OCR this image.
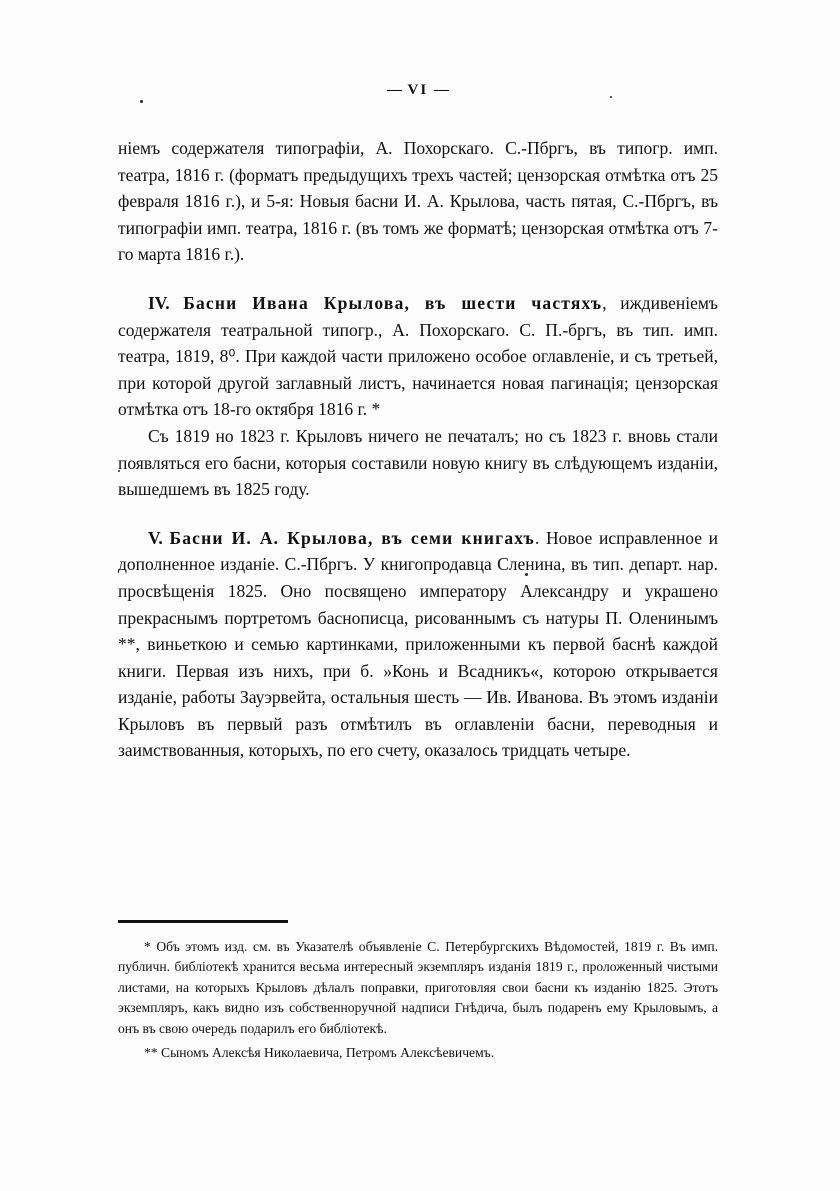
— VI —

ніемъ содержателя типографіи, А. Похорскаго. С.-Пбргъ, въ типогр. имп. театра, 1816 г. (форматъ предыдущихъ трехъ частей; цензорская отмѣтка отъ 25 февраля 1816 г.), и 5-я: Новыя басни И. А. Крылова, часть пятая, С.-Пбргъ, въ типографіи имп. театра, 1816 г. (въ томъ же форматѣ; цензорская отмѣтка отъ 7-го марта 1816 г.).

IV. Басни Ивана Крылова, въ шести частяхъ, иждивеніемъ содержателя театральной типогр., А. Похорскаго. С. П.-бргъ, въ тип. имп. театра, 1819, 8⁰. При каждой части приложено особое оглавленіе, и съ третьей, при которой другой заглавный листъ, начинается новая пагинація; цензорская отмѣтка отъ 18-го октября 1816 г. *

Съ 1819 но 1823 г. Крыловъ ничего не печаталъ; но съ 1823 г. вновь стали появляться его басни, которыя составили новую книгу въ слѣдующемъ изданіи, вышедшемъ въ 1825 году.

V. Басни И. А. Крылова, въ семи книгахъ. Новое исправленное и дополненное изданіе. С.-Пбргъ. У книгопродавца Сленина, въ тип. департ. нар. просвѣщенія 1825. Оно посвящено императору Александру и украшено прекраснымъ портретомъ баснописца, рисованнымъ съ натуры П. Оленинымъ **, виньеткою и семью картинками, приложенными къ первой баснѣ каждой книги. Первая изъ нихъ, при б. »Конь и Всадникъ«, которою открывается изданіе, работы Зауэрвейта, остальныя шесть — Ив. Иванова. Въ этомъ изданіи Крыловъ въ первый разъ отмѣтилъ въ оглавленіи басни, переводныя и заимствованныя, которыхъ, по его счету, оказалось тридцать четыре.

* Объ этомъ изд. см. въ Указателѣ объявленіе С. Петербургскихъ Вѣдомостей, 1819 г. Въ имп. публичн. библіотекѣ хранится весьма интересный экземпляръ изданія 1819 г., проложенный чистыми листами, на которыхъ Крыловъ дѣлалъ поправки, приготовляя свои басни къ изданію 1825. Этотъ экземпляръ, какъ видно изъ собственноручной надписи Гнѣдича, былъ подаренъ ему Крыловымъ, а онъ въ свою очередь подарилъ его библіотекѣ.

** Сыномъ Алексѣя Николаевича, Петромъ Алексѣевичемъ.
